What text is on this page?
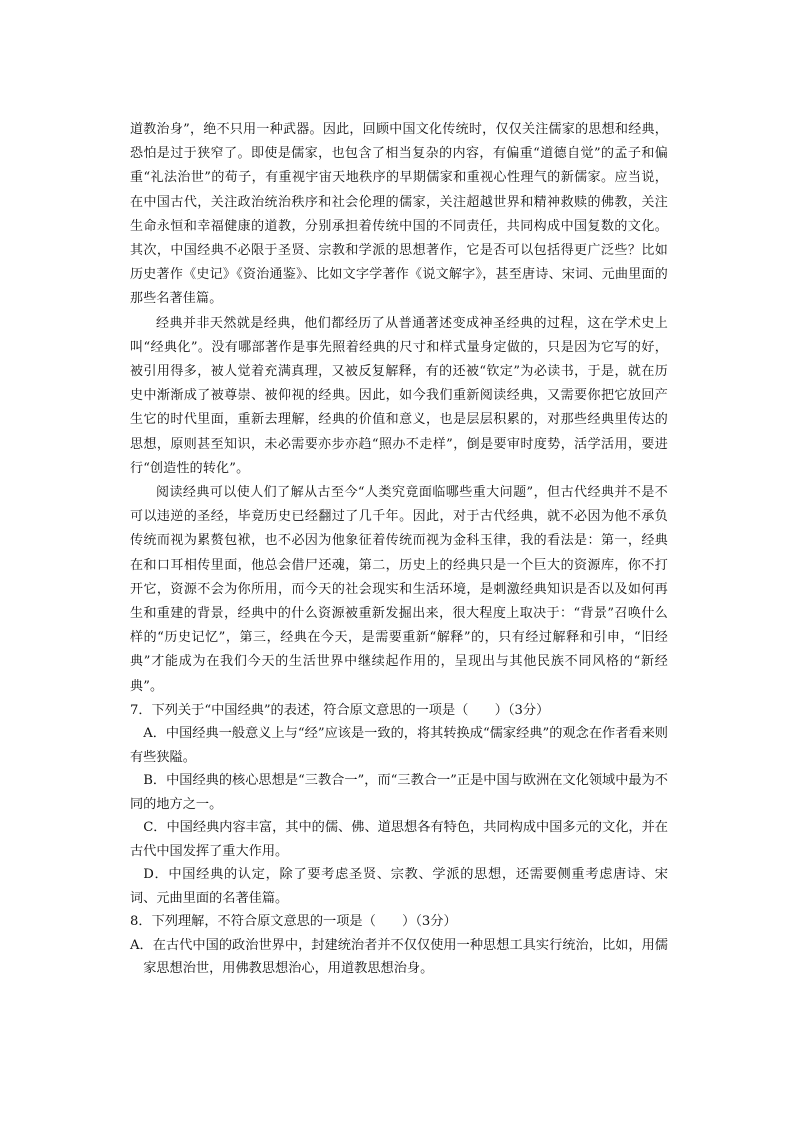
道教治身”，绝不只用一种武器。因此，回顾中国文化传统时，仅仅关注儒家的思想和经典，恐怕是过于狭窄了。即使是儒家，也包含了相当复杂的内容，有偏重“道德自觉”的孟子和偏重“礼法治世”的荀子，有重视宇宙天地秩序的早期儒家和重视心性理气的新儒家。应当说，在中国古代，关注政治统治秩序和社会伦理的儒家，关注超越世界和精神救赎的佛教，关注生命永恒和幸福健康的道教，分别承担着传统中国的不同责任，共同构成中国复数的文化。其次，中国经典不必限于圣贤、宗教和学派的思想著作，它是否可以包括得更广泛些？比如历史著作《史记》《资治通鉴》、比如文字学著作《说文解字》，甚至唐诗、宋词、元曲里面的那些名著佳篇。

经典并非天然就是经典，他们都经历了从普通著述变成神圣经典的过程，这在学术史上叫“经典化”。没有哪部著作是事先照着经典的尺寸和样式量身定做的，只是因为它写的好，被引用得多，被人觉着充满真理，又被反复解释，有的还被“钦定”为必读书，于是，就在历史中渐渐成了被尊崇、被仰视的经典。因此，如今我们重新阅读经典，又需要你把它放回产生它的时代里面，重新去理解，经典的价值和意义，也是层层积累的，对那些经典里传达的思想，原则甚至知识，未必需要亦步亦趋“照办不走样”，倒是要审时度势，活学活用，要进行“创造性的转化”。

阅读经典可以使人们了解从古至今“人类究竟面临哪些重大问题”，但古代经典并不是不可以违逆的圣经，毕竟历史已经翻过了几千年。因此，对于古代经典，就不必因为他不承负传统而视为累赘包袱，也不必因为他象征着传统而视为金科玉律，我的看法是：第一，经典在和口耳相传里面，他总会借尸还魂，第二，历史上的经典只是一个巨大的资源库，你不打开它，资源不会为你所用，而今天的社会现实和生活环境，是刺激经典知识是否以及如何再生和重建的背景，经典中的什么资源被重新发掘出来，很大程度上取决于：“背景”召唤什么样的“历史记忆”，第三，经典在今天，是需要重新“解释”的，只有经过解释和引申，“旧经典”才能成为在我们今天的生活世界中继续起作用的，呈现出与其他民族不同风格的“新经典”。

7．下列关于“中国经典”的表述，符合原文意思的一项是（　　）（3分）

A．中国经典一般意义上与“经”应该是一致的，将其转换成“儒家经典”的观念在作者看来则有些狭隘。

B．中国经典的核心思想是“三教合一”，而“三教合一”正是中国与欧洲在文化领域中最为不同的地方之一。

C．中国经典内容丰富，其中的儒、佛、道思想各有特色，共同构成中国多元的文化，并在古代中国发挥了重大作用。

D．中国经典的认定，除了要考虑圣贤、宗教、学派的思想，还需要侧重考虑唐诗、宋词、元曲里面的名著佳篇。

8．下列理解，不符合原文意思的一项是（　　）（3分）

A．在古代中国的政治世界中，封建统治者并不仅仅使用一种思想工具实行统治，比如，用儒家思想治世，用佛教思想治心，用道教思想治身。
